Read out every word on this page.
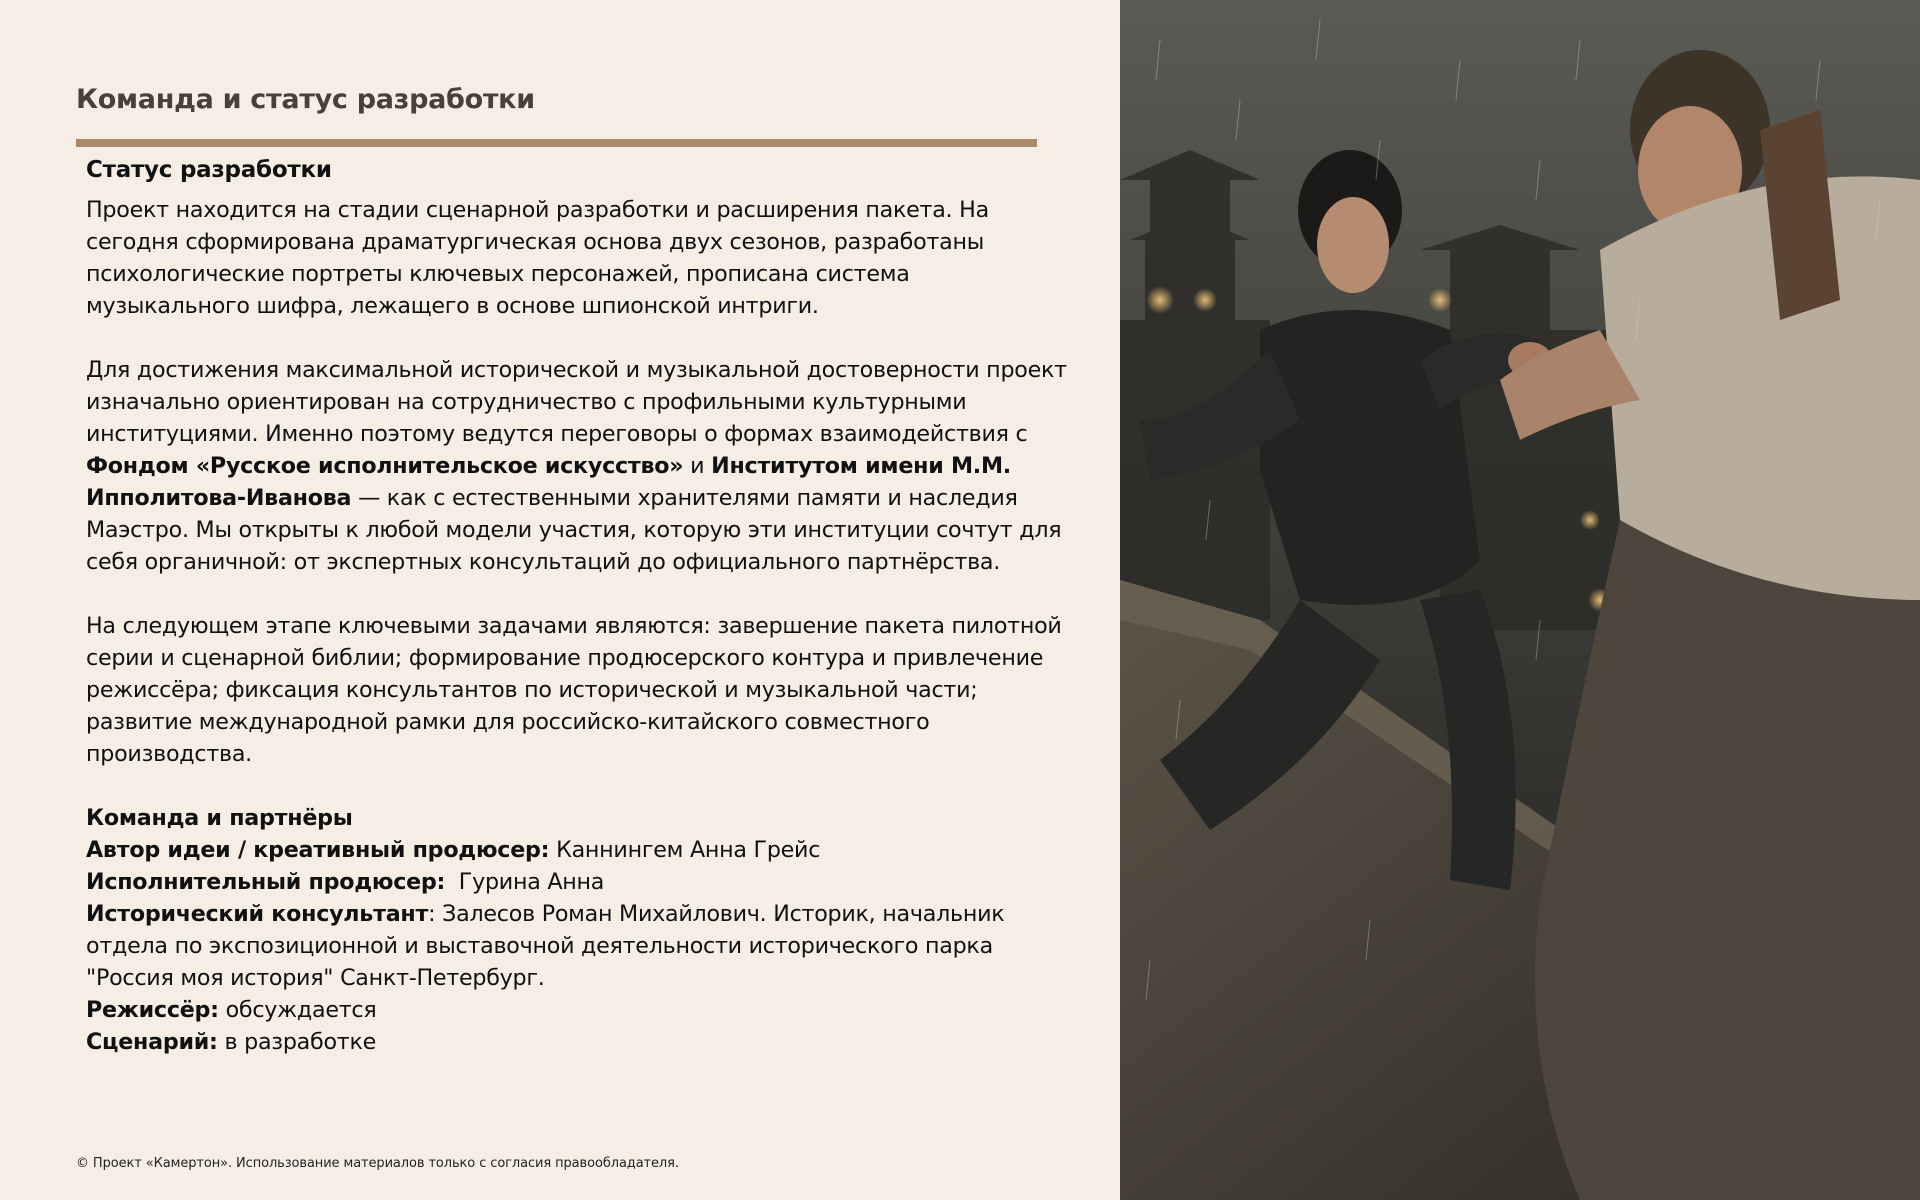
Команда и статус разработки
Статус разработки

Проект находится на стадии сценарной разработки и расширения пакета. На сегодня сформирована драматургическая основа двух сезонов, разработаны психологические портреты ключевых персонажей, прописана система музыкального шифра, лежащего в основе шпионской интриги.

Для достижения максимальной исторической и музыкальной достоверности проект изначально ориентирован на сотрудничество с профильными культурными институциями. Именно поэтому ведутся переговоры о формах взаимодействия с Фондом «Русское исполнительское искусство» и Институтом имени М.М. Ипполитова-Иванова — как с естественными хранителями памяти и наследия Маэстро. Мы открыты к любой модели участия, которую эти институции сочтут для себя органичной: от экспертных консультаций до официального партнёрства.

На следующем этапе ключевыми задачами являются: завершение пакета пилотной серии и сценарной библии; формирование продюсерского контура и привлечение режиссёра; фиксация консультантов по исторической и музыкальной части; развитие международной рамки для российско-китайского совместного производства.

Команда и партнёры
Автор идеи / креативный продюсер: Каннингем Анна Грейс
Исполнительный продюсер:  Гурина Анна
Исторический консультант: Залесов Роман Михайлович. Историк, начальник отдела по экспозиционной и выставочной деятельности исторического парка "Россия моя история" Санкт-Петербург.
Режиссёр: обсуждается
Сценарий: в разработке
© Проект «Камертон». Использование материалов только с согласия правообладателя.
